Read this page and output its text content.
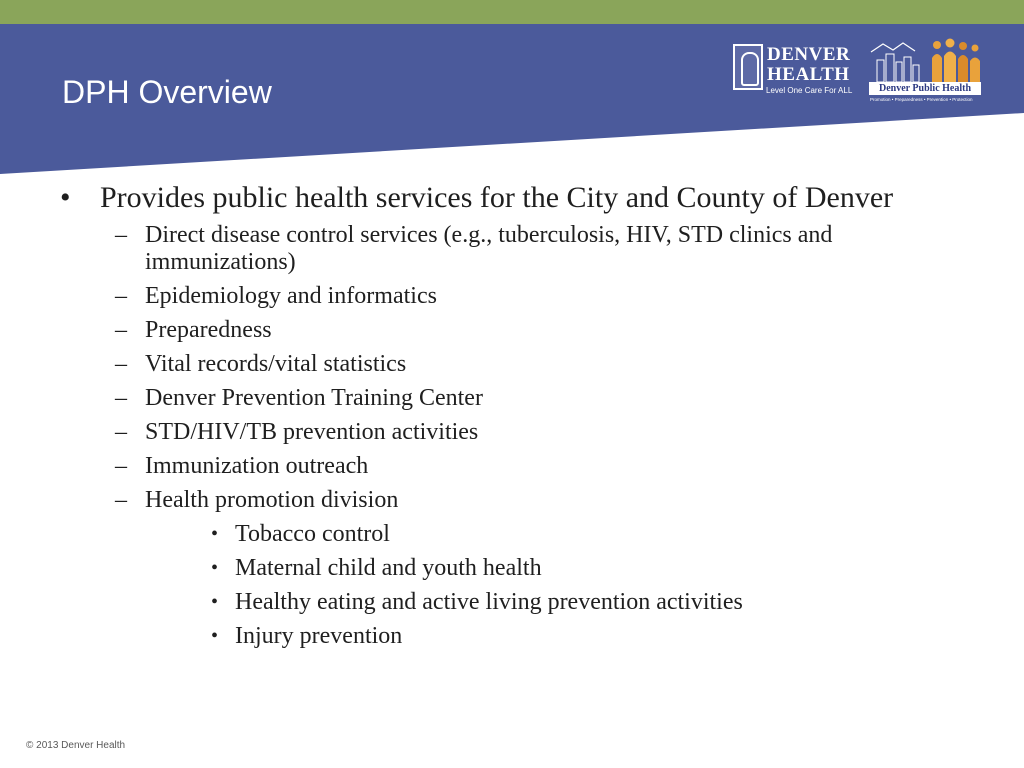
DPH Overview
DENVER
HEALTH
Level One Care For ALL	Denver Public Health
Promotion • Preparedness • Prevention • Protection
• Provides public health services for the City and County of Denver
– Direct disease control services (e.g., tuberculosis, HIV, STD clinics and immunizations)
– Epidemiology and informatics
– Preparedness
– Vital records/vital statistics
– Denver Prevention Training Center
– STD/HIV/TB prevention activities
– Immunization outreach
– Health promotion division
• Tobacco control
• Maternal child and youth health
• Healthy eating and active living prevention activities
• Injury prevention

© 2013 Denver Health
